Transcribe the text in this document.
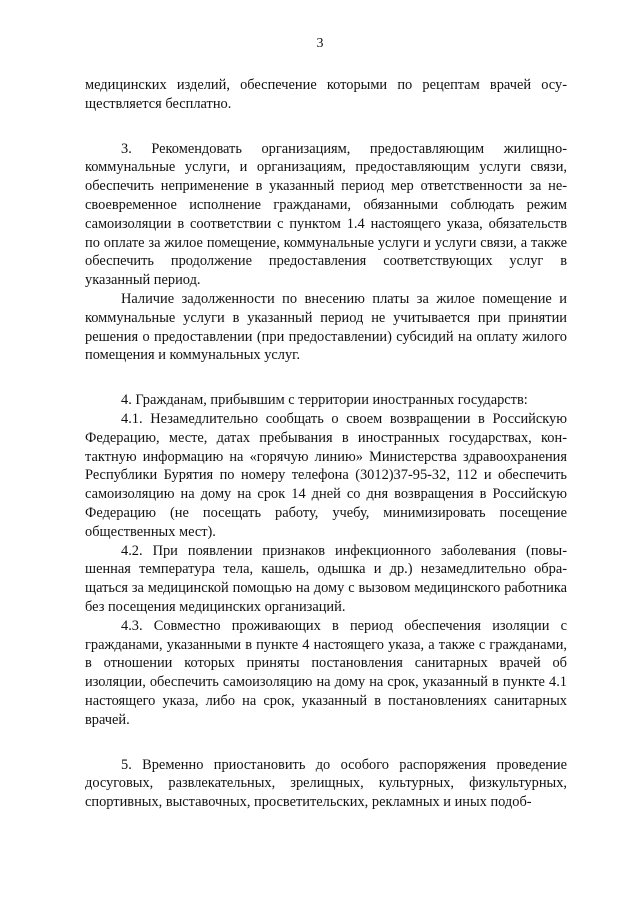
3

медицинских изделий, обеспечение которыми по рецептам врачей осуществляется бесплатно.

3. Рекомендовать организациям, предоставляющим жилищно-коммунальные услуги, и организациям, предоставляющим услуги связи, обеспечить неприменение в указанный период мер ответственности за несвоевременное исполнение гражданами, обязанными соблюдать режим самоизоляции в соответствии с пунктом 1.4 настоящего указа, обязательств по оплате за жилое помещение, коммунальные услуги и услуги связи, а также обеспечить продолжение предоставления соответствующих услуг в указанный период.

Наличие задолженности по внесению платы за жилое помещение и коммунальные услуги в указанный период не учитывается при принятии решения о предоставлении (при предоставлении) субсидий на оплату жилого помещения и коммунальных услуг.

4. Гражданам, прибывшим с территории иностранных государств:

4.1. Незамедлительно сообщать о своем возвращении в Российскую Федерацию, месте, датах пребывания в иностранных государствах, контактную информацию на «горячую линию» Министерства здравоохранения Республики Бурятия по номеру телефона (3012)37-95-32, 112 и обеспечить самоизоляцию на дому на срок 14 дней со дня возвращения в Российскую Федерацию (не посещать работу, учебу, минимизировать посещение общественных мест).

4.2. При появлении признаков инфекционного заболевания (повышенная температура тела, кашель, одышка и др.) незамедлительно обращаться за медицинской помощью на дому с вызовом медицинского работника без посещения медицинских организаций.

4.3. Совместно проживающих в период обеспечения изоляции с гражданами, указанными в пункте 4 настоящего указа, а также с гражданами, в отношении которых приняты постановления санитарных врачей об изоляции, обеспечить самоизоляцию на дому на срок, указанный в пункте 4.1 настоящего указа, либо на срок, указанный в постановлениях санитарных врачей.

5. Временно приостановить до особого распоряжения проведение досуговых, развлекательных, зрелищных, культурных, физкультурных, спортивных, выставочных, просветительских, рекламных и иных подоб-
